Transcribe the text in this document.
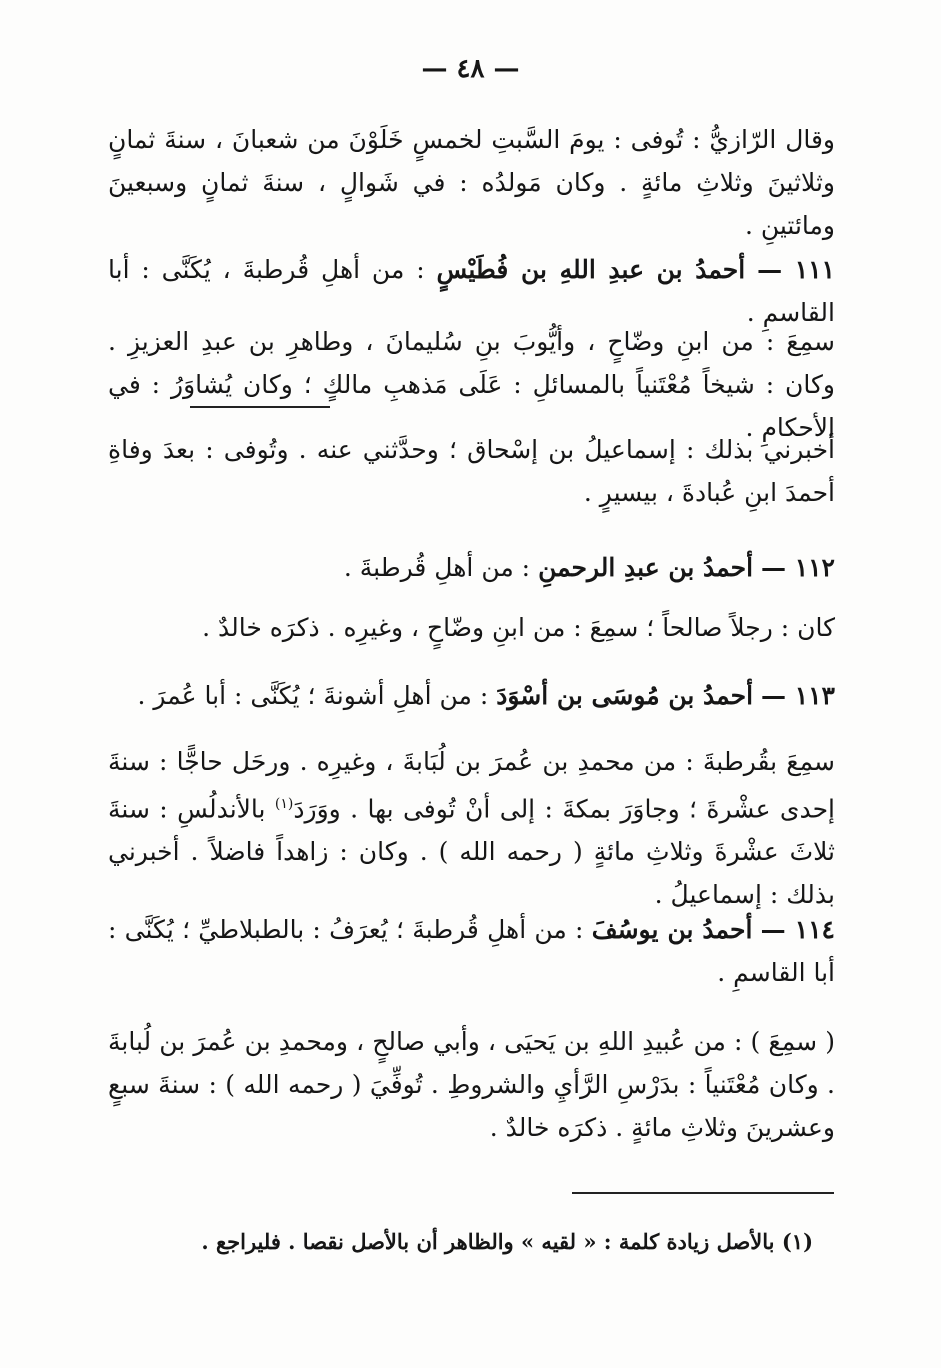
— ٤٨ —

وقال الرّازيُّ : تُوفى : يومَ السَّبتِ لخمسٍ خَلَوْنَ من شعبانَ ، سنةَ ثمانٍ وثلاثينَ وثلاثِ مائةٍ . وكان مَولدُه : في شَوالٍ ، سنةَ ثمانٍ وسبعينَ ومائتينِ .

١١١ — أحمدُ بن عبدِ اللهِ بن فُطَيْسٍ : من أهلِ قُرطبةَ ، يُكَنَّى : أبا القاسمِ .

سمِعَ : من ابنِ وضّاحٍ ، وأيُّوبَ بنِ سُليمانَ ، وطاهرِ بن عبدِ العزيزِ . وكان : شيخاً مُعْتَنياً بالمسائلِ : عَلَى مَذهبِ مالكٍ ؛ وكان يُشاوَرُ : في الأحكامِ .

أخبرني بذلك : إسماعيلُ بن إسْحاق ؛ وحدَّثني عنه . وتُوفى : بعدَ وفاةِ أحمدَ ابنِ عُبادةَ ، بيسيرٍ .

١١٢ — أحمدُ بن عبدِ الرحمنِ : من أهلِ قُرطبةَ .

كان : رجلاً صالحاً ؛ سمِعَ : من ابنِ وضّاحٍ ، وغيرِه . ذكرَه خالدٌ .

١١٣ — أحمدُ بن مُوسَى بن أسْوَدَ : من أهلِ أشونةَ ؛ يُكَنَّى : أبا عُمرَ .

سمِعَ بقُرطبةَ : من محمدِ بن عُمرَ بن لُبَابةَ ، وغيرِه . ورحَل حاجًّا : سنةَ إحدى عشْرةَ ؛ وجاوَرَ بمكةَ : إلى أنْ تُوفى بها . ووَرَدَ$^{(١)}$ بالأندلُسِ : سنةَ ثلاثَ عشْرةَ وثلاثِ مائةٍ ( رحمه الله ) . وكان : زاهداً فاضلاً . أخبرني بذلك : إسماعيلُ .

١١٤ — أحمدُ بن يوسُفَ : من أهلِ قُرطبةَ ؛ يُعرَفُ : بالطبلاطيِّ ؛ يُكَنَّى : أبا القاسمِ .

( سمِعَ ) : من عُبيدِ اللهِ بن يَحيَى ، وأبي صالحٍ ، ومحمدِ بن عُمرَ بن لُبابةَ . وكان مُعْتَنياً : بدَرْسِ الرَّأيِ والشروطِ . تُوفِّيَ ( رحمه الله ) : سنةَ سبعٍ وعشرينَ وثلاثِ مائةٍ . ذكرَه خالدٌ .

(١) بالأصل زيادة كلمة : « لقيه » والظاهر أن بالأصل نقصا . فليراجع .
